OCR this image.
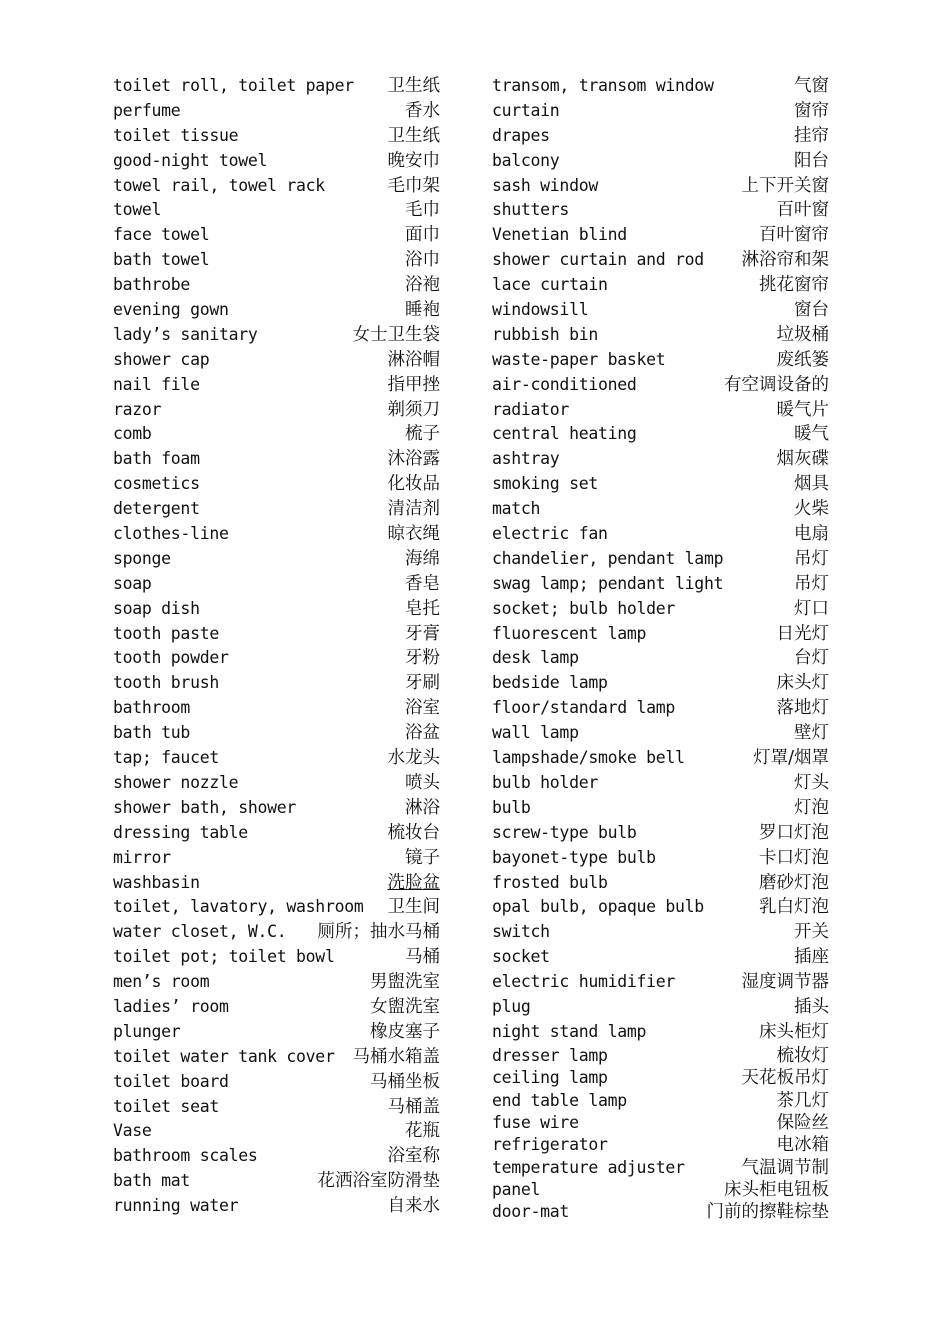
toilet roll, toilet paper 卫生纸
perfume	香水
toilet tissue	卫生纸
good-night towel	晚安巾
towel rail, towel rack	毛巾架
towel	毛巾
face towel	面巾
bath towel	浴巾
bathrobe	浴袍
evening gown	睡袍
lady’s sanitary	女士卫生袋
shower cap	淋浴帽
nail file	指甲挫
razor	剃须刀
comb	梳子
bath foam	沐浴露
cosmetics	化妆品
detergent	清洁剂
clothes-line	晾衣绳
sponge	海绵
soap	香皂
soap dish	皂托
tooth paste	牙膏
tooth powder	牙粉
tooth brush	牙刷
bathroom	浴室
bath tub	浴盆
tap; faucet	水龙头
shower nozzle	喷头
shower bath, shower	淋浴
dressing table	梳妆台
mirror	镜子
washbasin	洗脸盆
toilet, lavatory, washroom 卫生间
water closet, W.C. 厕所；抽水马桶
toilet pot; toilet bowl	马桶
men’s room	男盥洗室
ladies’ room	女盥洗室
plunger	橡皮塞子
toilet water tank cover 马桶水箱盖
toilet board	马桶坐板
toilet seat	马桶盖
Vase	花瓶
bathroom scales	浴室称
bath mat	花洒浴室防滑垫
running water	自来水
transom, transom window	气窗
curtain	窗帘
drapes	挂帘
balcony	阳台
sash window	上下开关窗
shutters	百叶窗
Venetian blind	百叶窗帘
shower curtain and rod 淋浴帘和架
lace curtain	挑花窗帘
windowsill	窗台
rubbish bin	垃圾桶
waste-paper basket	废纸篓
air-conditioned	有空调设备的
radiator	暖气片
central heating	暖气
ashtray	烟灰碟
smoking set	烟具
match	火柴
electric fan	电扇
chandelier, pendant lamp	吊灯
swag lamp; pendant light	吊灯
socket; bulb holder	灯口
fluorescent lamp	日光灯
desk lamp	台灯
bedside lamp	床头灯
floor/standard lamp	落地灯
wall lamp	壁灯
lampshade/smoke bell	灯罩/烟罩
bulb holder	灯头
bulb	灯泡
screw-type bulb	罗口灯泡
bayonet-type bulb	卡口灯泡
frosted bulb	磨砂灯泡
opal bulb, opaque bulb	乳白灯泡
switch	开关
socket	插座
electric humidifier	湿度调节器
plug	插头
night stand lamp	床头柜灯
dresser lamp	梳妆灯
ceiling lamp	天花板吊灯
end table lamp	茶几灯
fuse wire	保险丝
refrigerator	电冰箱
temperature adjuster	气温调节制
panel	床头柜电钮板
door-mat	门前的擦鞋棕垫
